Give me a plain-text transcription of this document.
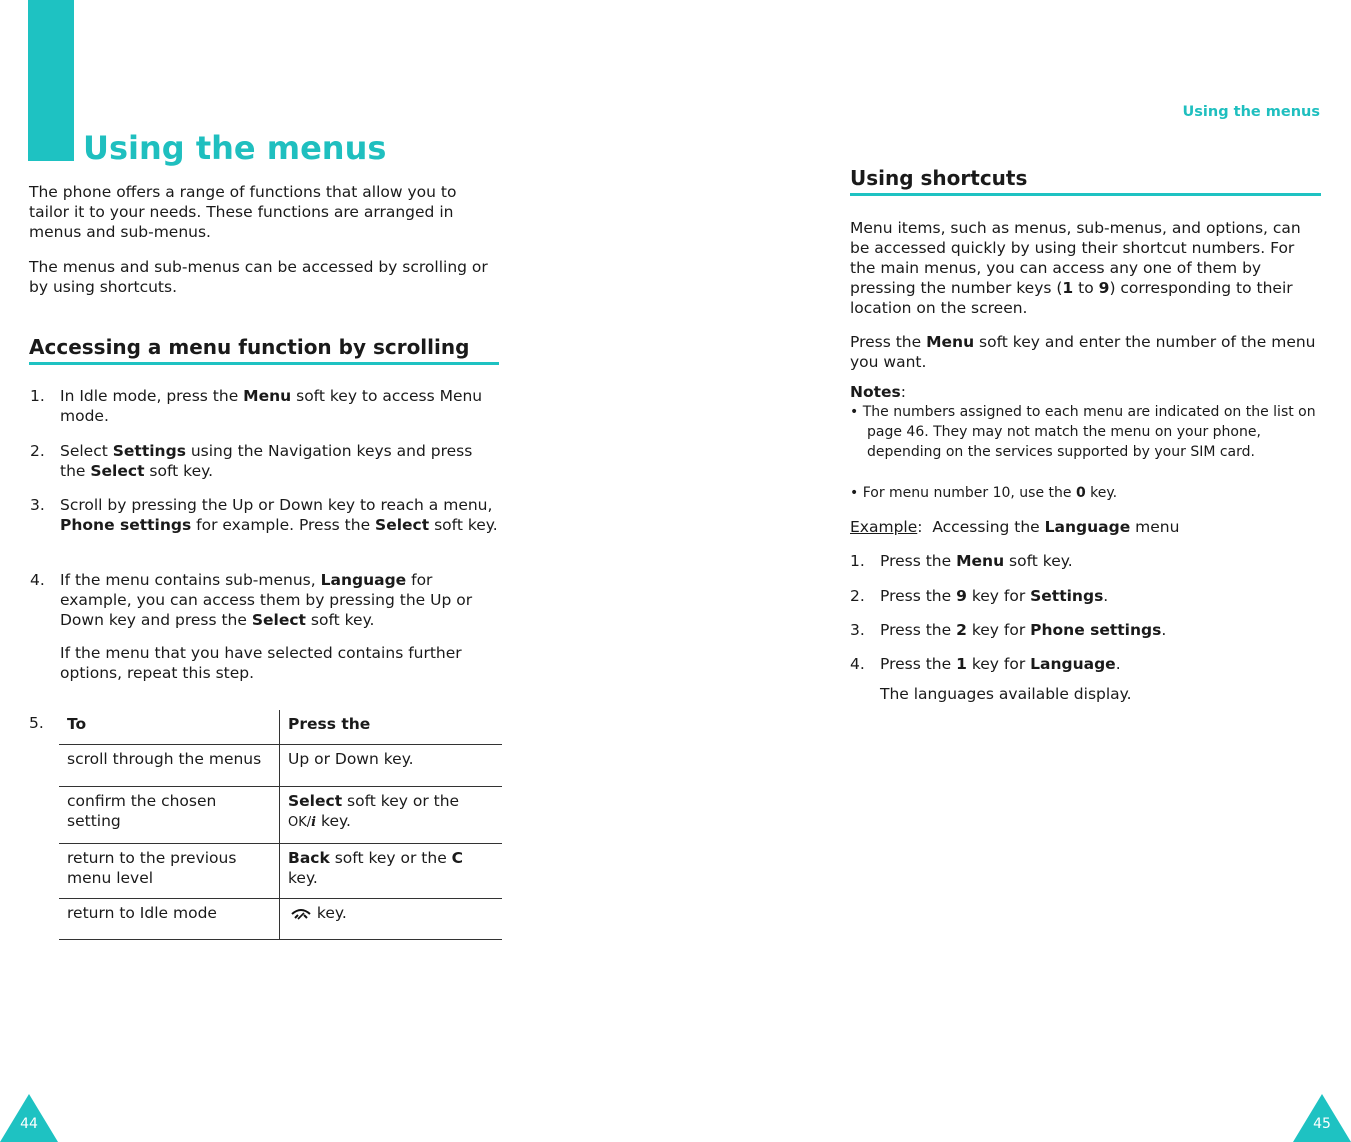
Using the menus
The phone offers a range of functions that allow you to tailor it to your needs. These functions are arranged in menus and sub-menus.
The menus and sub-menus can be accessed by scrolling or by using shortcuts.
Accessing a menu function by scrolling
1. In Idle mode, press the Menu soft key to access Menu mode.
2. Select Settings using the Navigation keys and press the Select soft key.
3. Scroll by pressing the Up or Down key to reach a menu, Phone settings for example. Press the Select soft key.
4. If the menu contains sub-menus, Language for example, you can access them by pressing the Up or Down key and press the Select soft key.
If the menu that you have selected contains further options, repeat this step.
5. To	Press the
scroll through the menus	Up or Down key.
confirm the chosen setting	Select soft key or the
OK/i key.
return to the previous menu level	Back soft key or the C
key.
return to Idle mode	key.
44
Using the menus
Using shortcuts
Menu items, such as menus, sub-menus, and options, can be accessed quickly by using their shortcut numbers. For the main menus, you can access any one of them by pressing the number keys (1 to 9) corresponding to their location on the screen.
Press the Menu soft key and enter the number of the menu you want.
Notes:
• The numbers assigned to each menu are indicated on the list on page 46. They may not match the menu on your phone, depending on the services supported by your SIM card.
• For menu number 10, use the 0 key.
Example:  Accessing the Language menu
1. Press the Menu soft key.
2. Press the 9 key for Settings.
3. Press the 2 key for Phone settings.
4. Press the 1 key for Language.
The languages available display.
45
